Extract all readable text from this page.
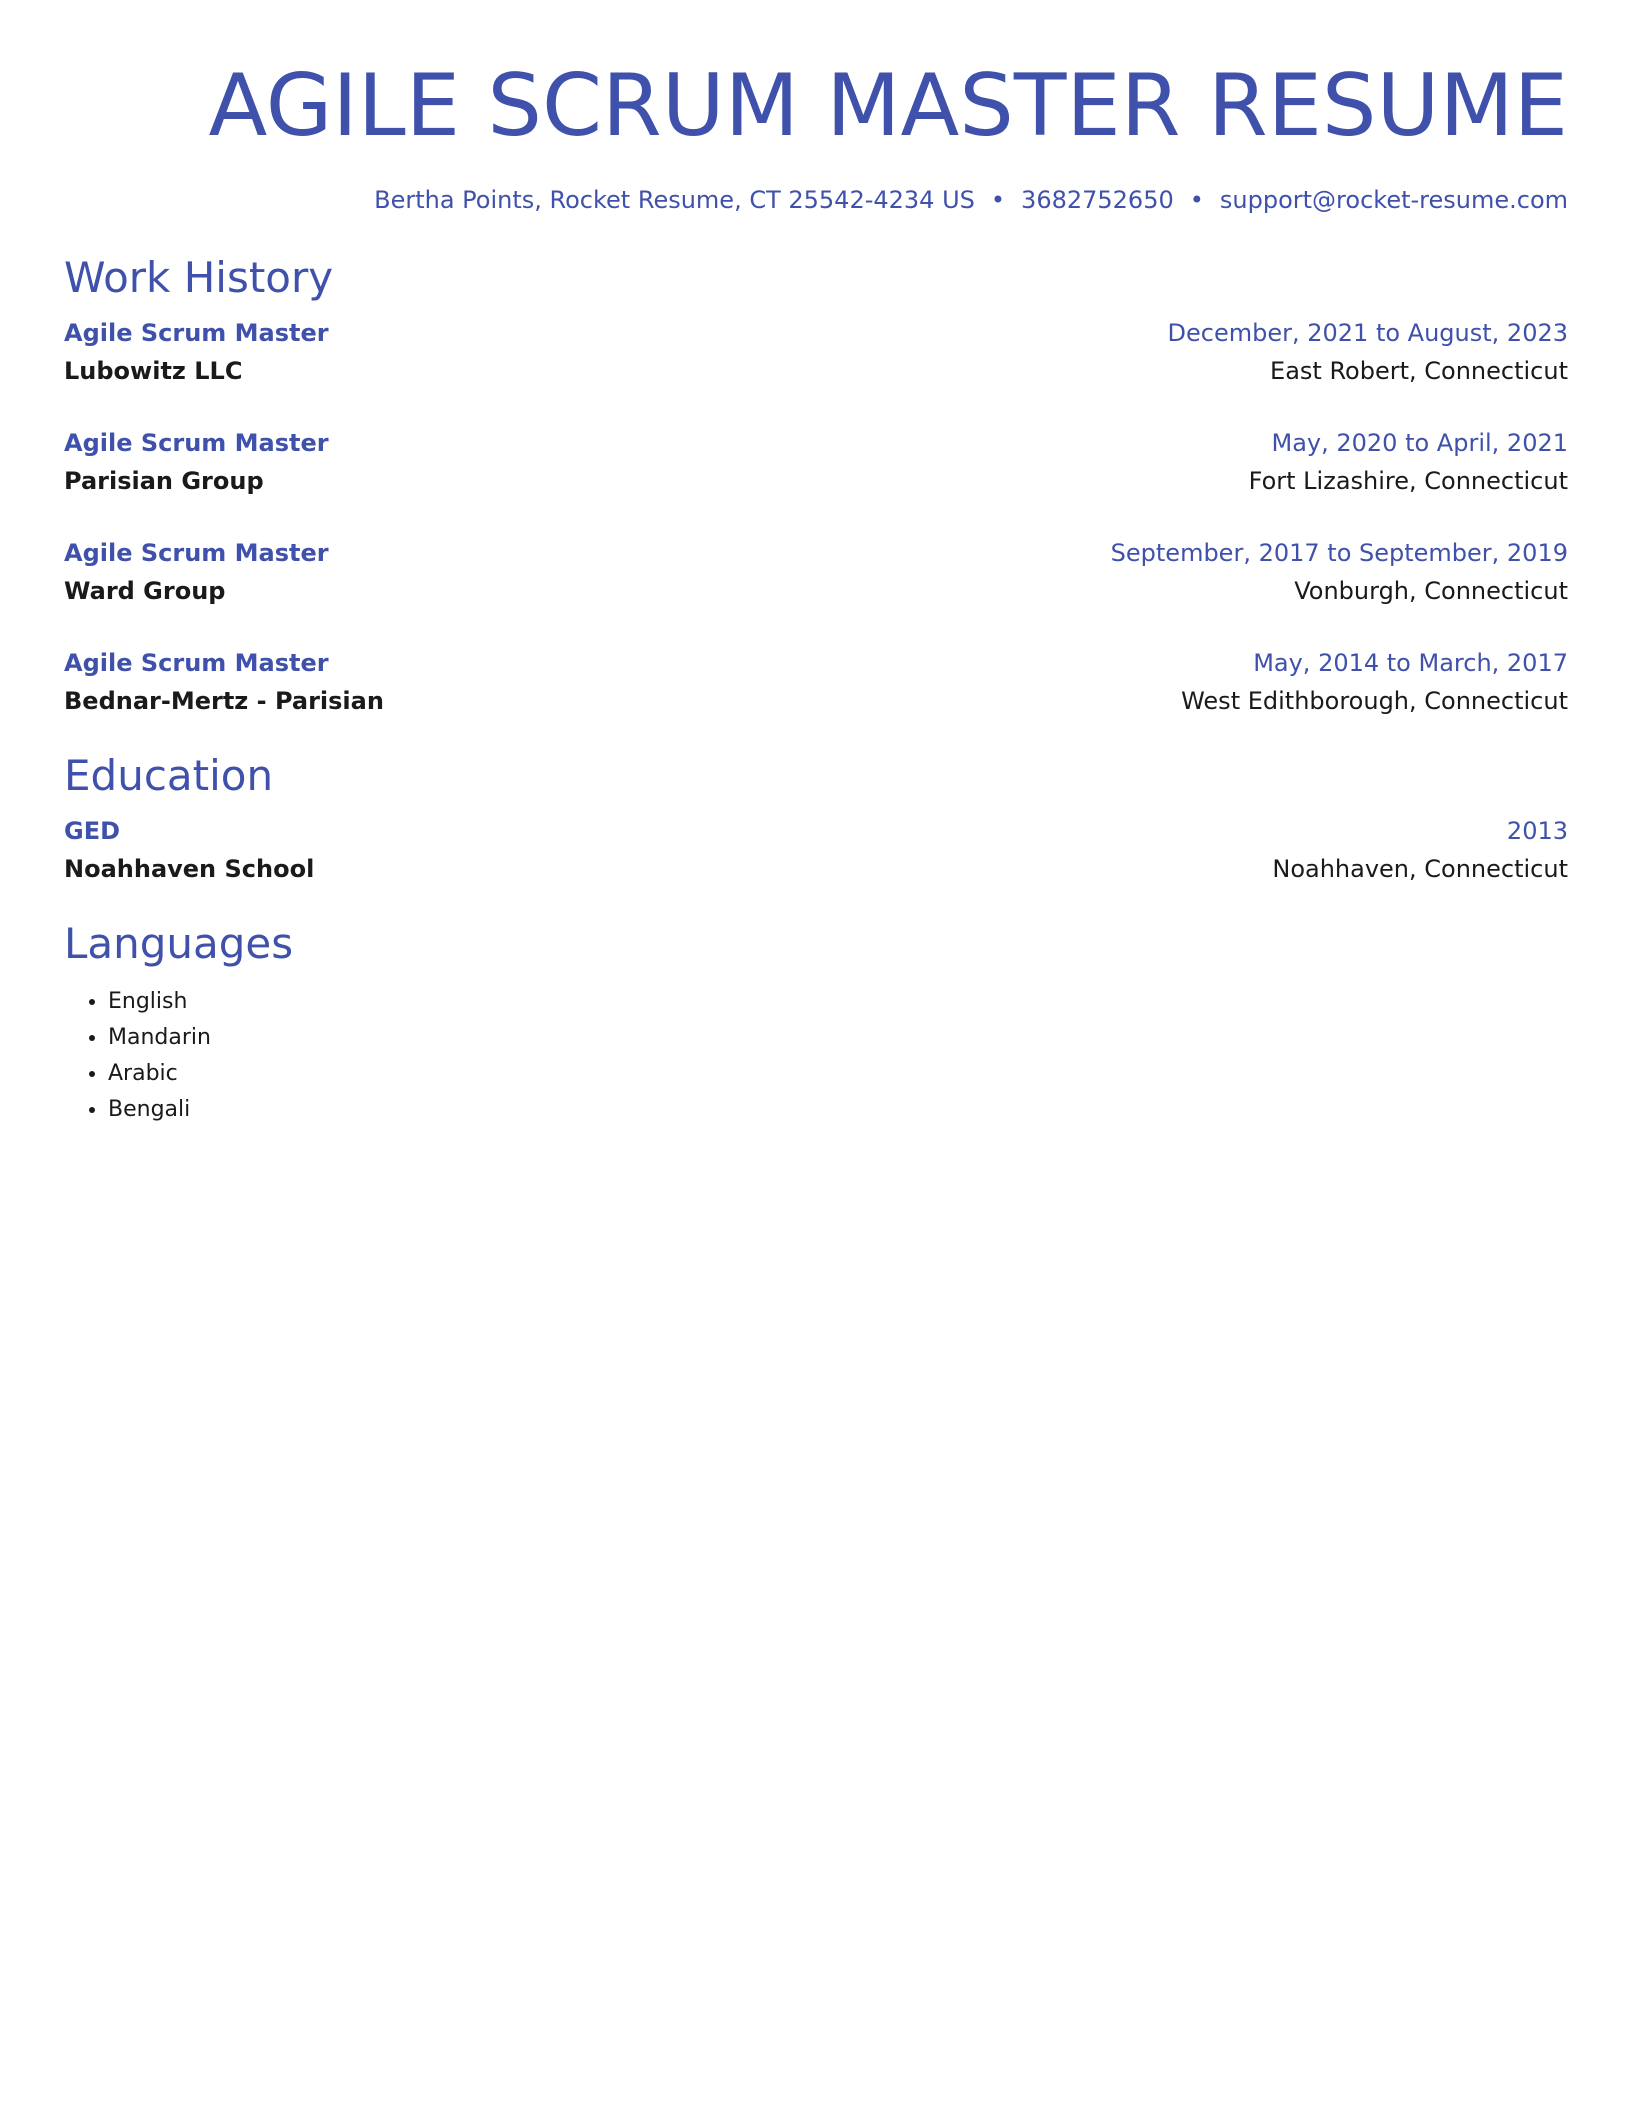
AGILE SCRUM MASTER RESUME
Bertha Points, Rocket Resume, CT 25542-4234 US • 3682752650 • support@rocket-resume.com
Work History
Agile Scrum Master	December, 2021 to August, 2023
Lubowitz LLC	East Robert, Connecticut
Agile Scrum Master	May, 2020 to April, 2021
Parisian Group	Fort Lizashire, Connecticut
Agile Scrum Master	September, 2017 to September, 2019
Ward Group	Vonburgh, Connecticut
Agile Scrum Master	May, 2014 to March, 2017
Bednar-Mertz - Parisian	West Edithborough, Connecticut
Education
GED	2013
Noahhaven School	Noahhaven, Connecticut
Languages
• English
• Mandarin
• Arabic
• Bengali
